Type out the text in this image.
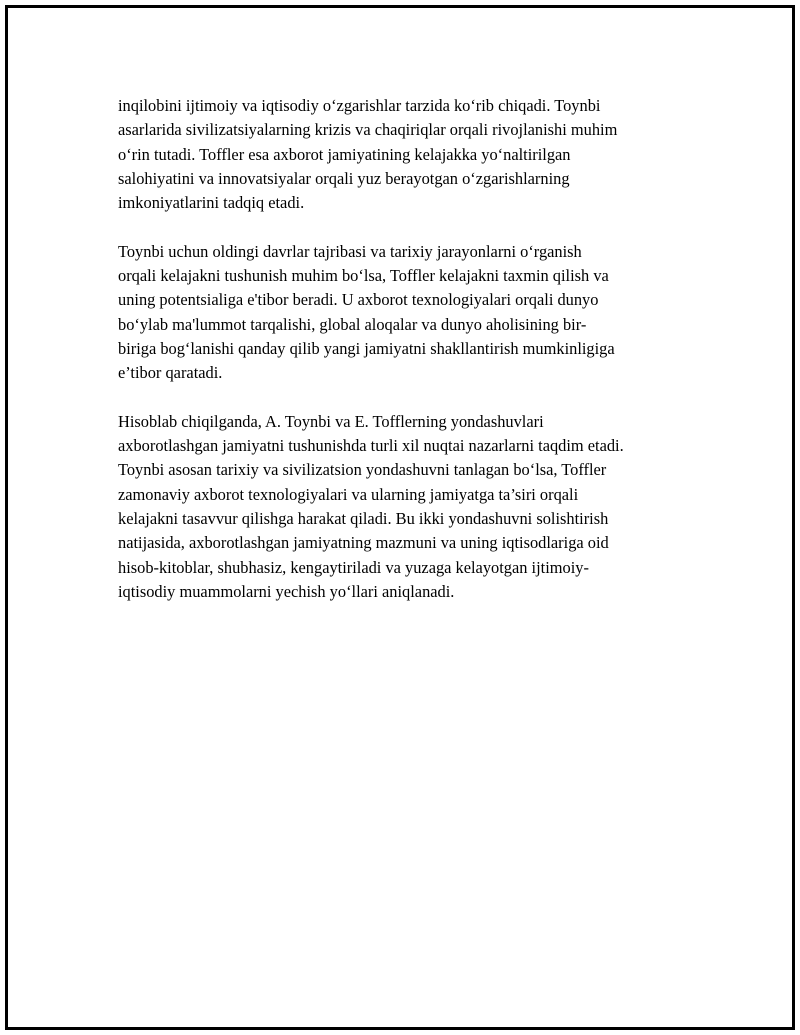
inqilobini ijtimoiy va iqtisodiy oʻzgarishlar tarzida koʻrib chiqadi. Toynbi
asarlarida sivilizatsiyalarning krizis va chaqiriqlar orqali rivojlanishi muhim
oʻrin tutadi. Toffler esa axborot jamiyatining kelajakka yoʻnaltirilgan
salohiyatini va innovatsiyalar orqali yuz berayotgan oʻzgarishlarning
imkoniyatlarini tadqiq etadi.

Toynbi uchun oldingi davrlar tajribasi va tarixiy jarayonlarni oʻrganish
orqali kelajakni tushunish muhim boʻlsa, Toffler kelajakni taxmin qilish va
uning potentsialiga e'tibor beradi. U axborot texnologiyalari orqali dunyo
boʻylab ma'lummot tarqalishi, global aloqalar va dunyo aholisining bir-
biriga bogʻlanishi qanday qilib yangi jamiyatni shakllantirish mumkinligiga
e’tibor qaratadi.

Hisoblab chiqilganda, A. Toynbi va E. Tofflerning yondashuvlari
axborotlashgan jamiyatni tushunishda turli xil nuqtai nazarlarni taqdim etadi.
Toynbi asosan tarixiy va sivilizatsion yondashuvni tanlagan boʻlsa, Toffler
zamonaviy axborot texnologiyalari va ularning jamiyatga ta’siri orqali
kelajakni tasavvur qilishga harakat qiladi. Bu ikki yondashuvni solishtirish
natijasida, axborotlashgan jamiyatning mazmuni va uning iqtisodlariga oid
hisob-kitoblar, shubhasiz, kengaytiriladi va yuzaga kelayotgan ijtimoiy-
iqtisodiy muammolarni yechish yoʻllari aniqlanadi.
